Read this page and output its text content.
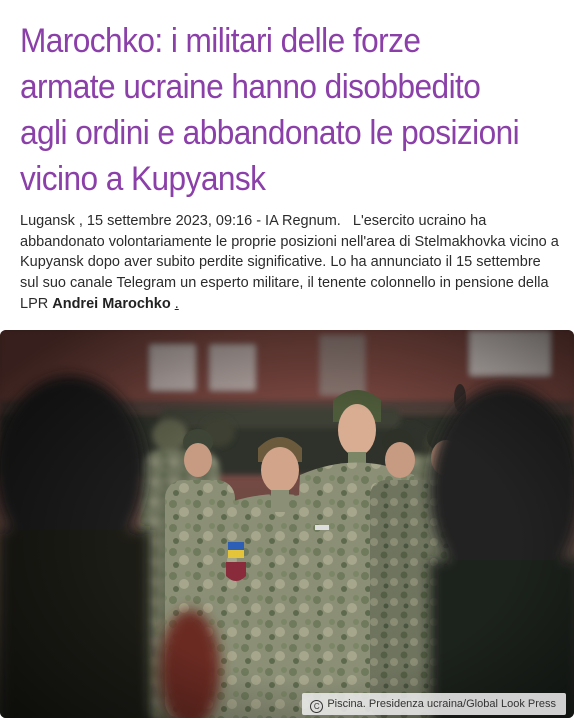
Marochko: i militari delle forze armate ucraine hanno disobbedito agli ordini e abbandonato le posizioni vicino a Kupyansk

Lugansk , 15 settembre 2023, 09:16 - IA Regnum. L'esercito ucraino ha abbandonato volontariamente le proprie posizioni nell'area di Stelmakhovka vicino a Kupyansk dopo aver subito perdite significative. Lo ha annunciato il 15 settembre sul suo canale Telegram un esperto militare, il tenente colonnello in pensione della LPR Andrei Marochko .

C Piscina. Presidenza ucraina/Global Look Press
